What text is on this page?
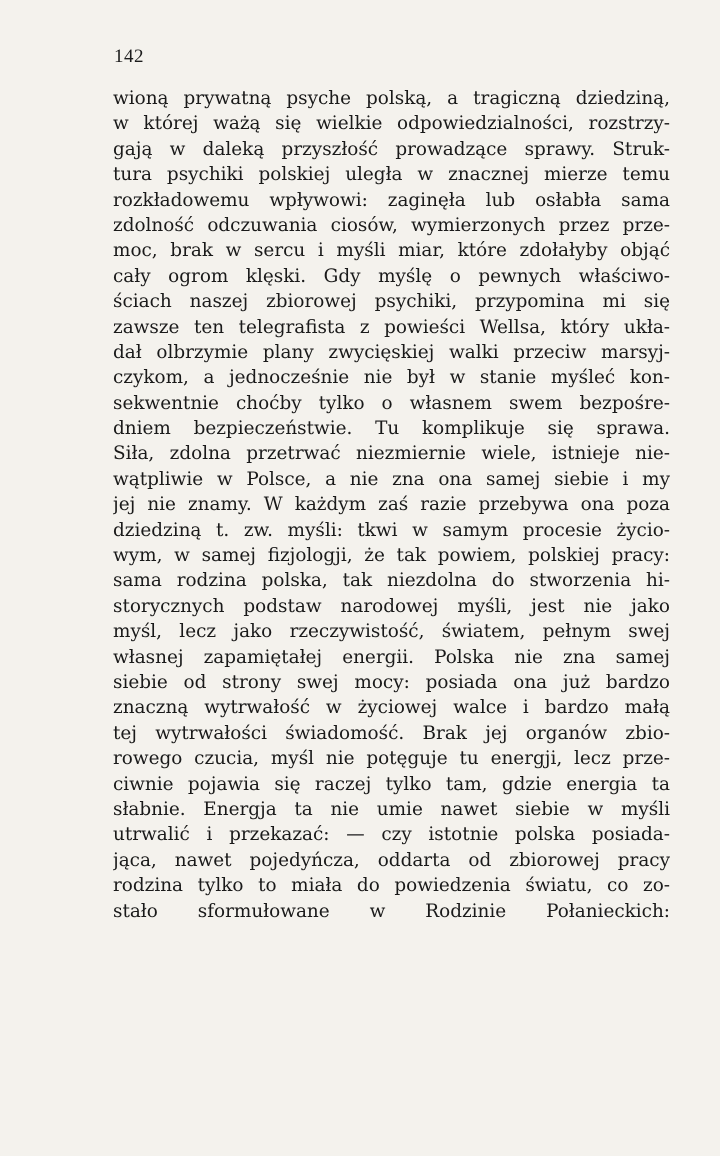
142
wioną prywatną psyche polską, a tragiczną dziedziną,
w której ważą się wielkie odpowiedzialności, rozstrzy-
gają w daleką przyszłość prowadzące sprawy. Struk-
tura psychiki polskiej uległa w znacznej mierze temu
rozkładowemu wpływowi: zaginęła lub osłabła sama
zdolność odczuwania ciosów, wymierzonych przez prze-
moc, brak w sercu i myśli miar, które zdołałyby objąć
cały ogrom klęski. Gdy myślę o pewnych właściwo-
ściach naszej zbiorowej psychiki, przypomina mi się
zawsze ten telegrafista z powieści Wellsa, który ukła-
dał olbrzymie plany zwycięskiej walki przeciw marsyj-
czykom, a jednocześnie nie był w stanie myśleć kon-
sekwentnie choćby tylko o własnem swem bezpośre-
dniem bezpieczeństwie. Tu komplikuje się sprawa.
Siła, zdolna przetrwać niezmiernie wiele, istnieje nie-
wątpliwie w Polsce, a nie zna ona samej siebie i my
jej nie znamy. W każdym zaś razie przebywa ona poza
dziedziną t. zw. myśli: tkwi w samym procesie życio-
wym, w samej fizjologji, że tak powiem, polskiej pracy:
sama rodzina polska, tak niezdolna do stworzenia hi-
storycznych podstaw narodowej myśli, jest nie jako
myśl, lecz jako rzeczywistość, światem, pełnym swej
własnej zapamiętałej energii. Polska nie zna samej
siebie od strony swej mocy: posiada ona już bardzo
znaczną wytrwałość w życiowej walce i bardzo małą
tej wytrwałości świadomość. Brak jej organów zbio-
rowego czucia, myśl nie potęguje tu energji, lecz prze-
ciwnie pojawia się raczej tylko tam, gdzie energia ta
słabnie. Energja ta nie umie nawet siebie w myśli
utrwalić i przekazać: — czy istotnie polska posiada-
jąca, nawet pojedyńcza, oddarta od zbiorowej pracy
rodzina tylko to miała do powiedzenia światu, co zo-
stało sformułowane w Rodzinie Połanieckich:
